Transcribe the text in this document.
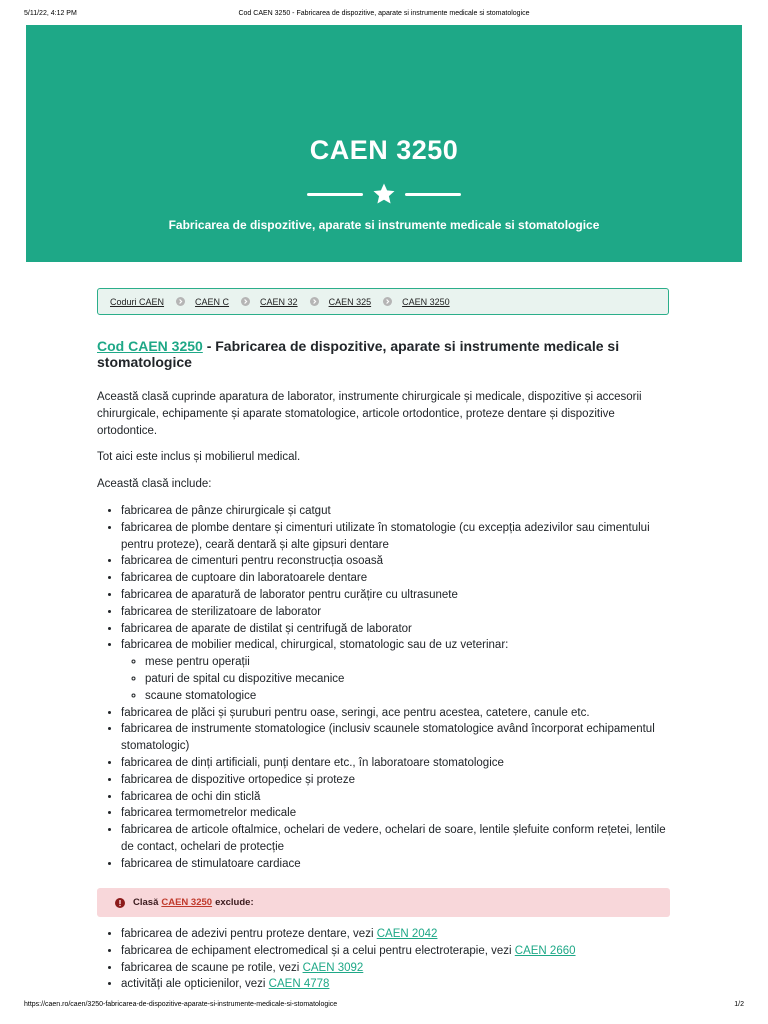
5/11/22, 4:12 PM	Cod CAEN 3250 - Fabricarea de dispozitive, aparate si instrumente medicale si stomatologice
CAEN 3250
Fabricarea de dispozitive, aparate si instrumente medicale si stomatologice
Coduri CAEN	CAEN C	CAEN 32	CAEN 325	CAEN 3250
Cod CAEN 3250 - Fabricarea de dispozitive, aparate si instrumente medicale si stomatologice

Această clasă cuprinde aparatura de laborator, instrumente chirurgicale și medicale, dispozitive și accesorii chirurgicale, echipamente și aparate stomatologice, articole ortodontice, proteze dentare și dispozitive ortodontice.

Tot aici este inclus și mobilierul medical.

Această clasă include:

• fabricarea de pânze chirurgicale și catgut
• fabricarea de plombe dentare și cimenturi utilizate în stomatologie (cu excepția adezivilor sau cimentului pentru proteze), ceară dentară și alte gipsuri dentare
• fabricarea de cimenturi pentru reconstrucția osoasă
• fabricarea de cuptoare din laboratoarele dentare
• fabricarea de aparatură de laborator pentru curățire cu ultrasunete
• fabricarea de sterilizatoare de laborator
• fabricarea de aparate de distilat și centrifugă de laborator
• fabricarea de mobilier medical, chirurgical, stomatologic sau de uz veterinar:
◦ mese pentru operații
◦ paturi de spital cu dispozitive mecanice
◦ scaune stomatologice
• fabricarea de plăci și șuruburi pentru oase, seringi, ace pentru acestea, catetere, canule etc.
• fabricarea de instrumente stomatologice (inclusiv scaunele stomatologice având încorporat echipamentul stomatologic)
• fabricarea de dinți artificiali, punți dentare etc., în laboratoare stomatologice
• fabricarea de dispozitive ortopedice și proteze
• fabricarea de ochi din sticlă
• fabricarea termometrelor medicale
• fabricarea de articole oftalmice, ochelari de vedere, ochelari de soare, lentile șlefuite conform rețetei, lentile de contact, ochelari de protecție
• fabricarea de stimulatoare cardiace
Clasă CAEN 3250 exclude:
• fabricarea de adezivi pentru proteze dentare, vezi CAEN 2042
• fabricarea de echipament electromedical și a celui pentru electroterapie, vezi CAEN 2660
• fabricarea de scaune pe rotile, vezi CAEN 3092
• activități ale opticienilor, vezi CAEN 4778
https://caen.ro/caen/3250-fabricarea-de-dispozitive-aparate-si-instrumente-medicale-si-stomatologice	1/2
